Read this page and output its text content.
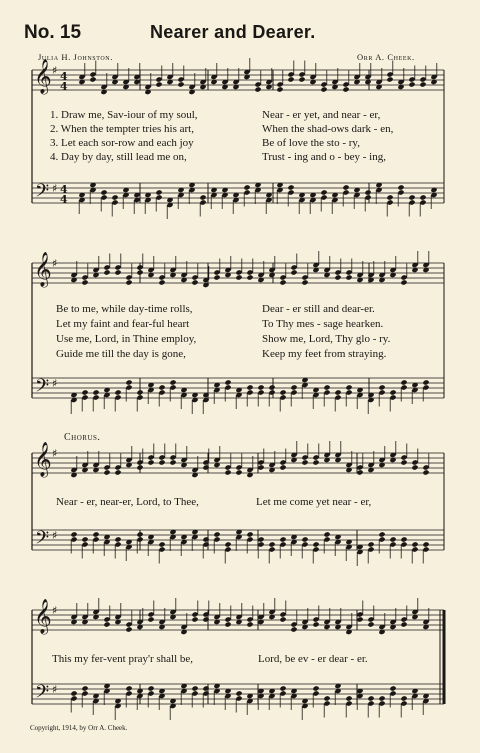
No. 15	Nearer and Dearer.
Julia H. Johnston.	Orr A. Cheek.
𝄞
𝄢
♯
♯
4
4
4
4
𝄞
𝄢
♯
♯
𝄞
𝄢
♯
♯
𝄞
𝄢
♯
♯
1. Draw me, Sav-iour of my soul,	Near - er yet, and near - er,
2. When the tempter tries his art,	When the shad-ows dark - en,
3. Let each sor-row and each joy	Be of love the sto - ry,
4. Day by day, still lead me on,	Trust - ing and o - bey - ing,
Be to me, while day-time rolls,	Dear - er still and dear-er.
Let my faint and fear-ful heart	To Thy mes - sage hearken.
Use me, Lord, in Thine employ,	Show me, Lord, Thy glo - ry.
Guide me till the day is gone,	Keep my feet from straying.
Chorus.
Near - er, near-er, Lord, to Thee,	Let me come yet near - er,
This my fer-vent pray'r shall be,	Lord, be ev - er dear - er.
Copyright, 1914, by Orr A. Cheek.
